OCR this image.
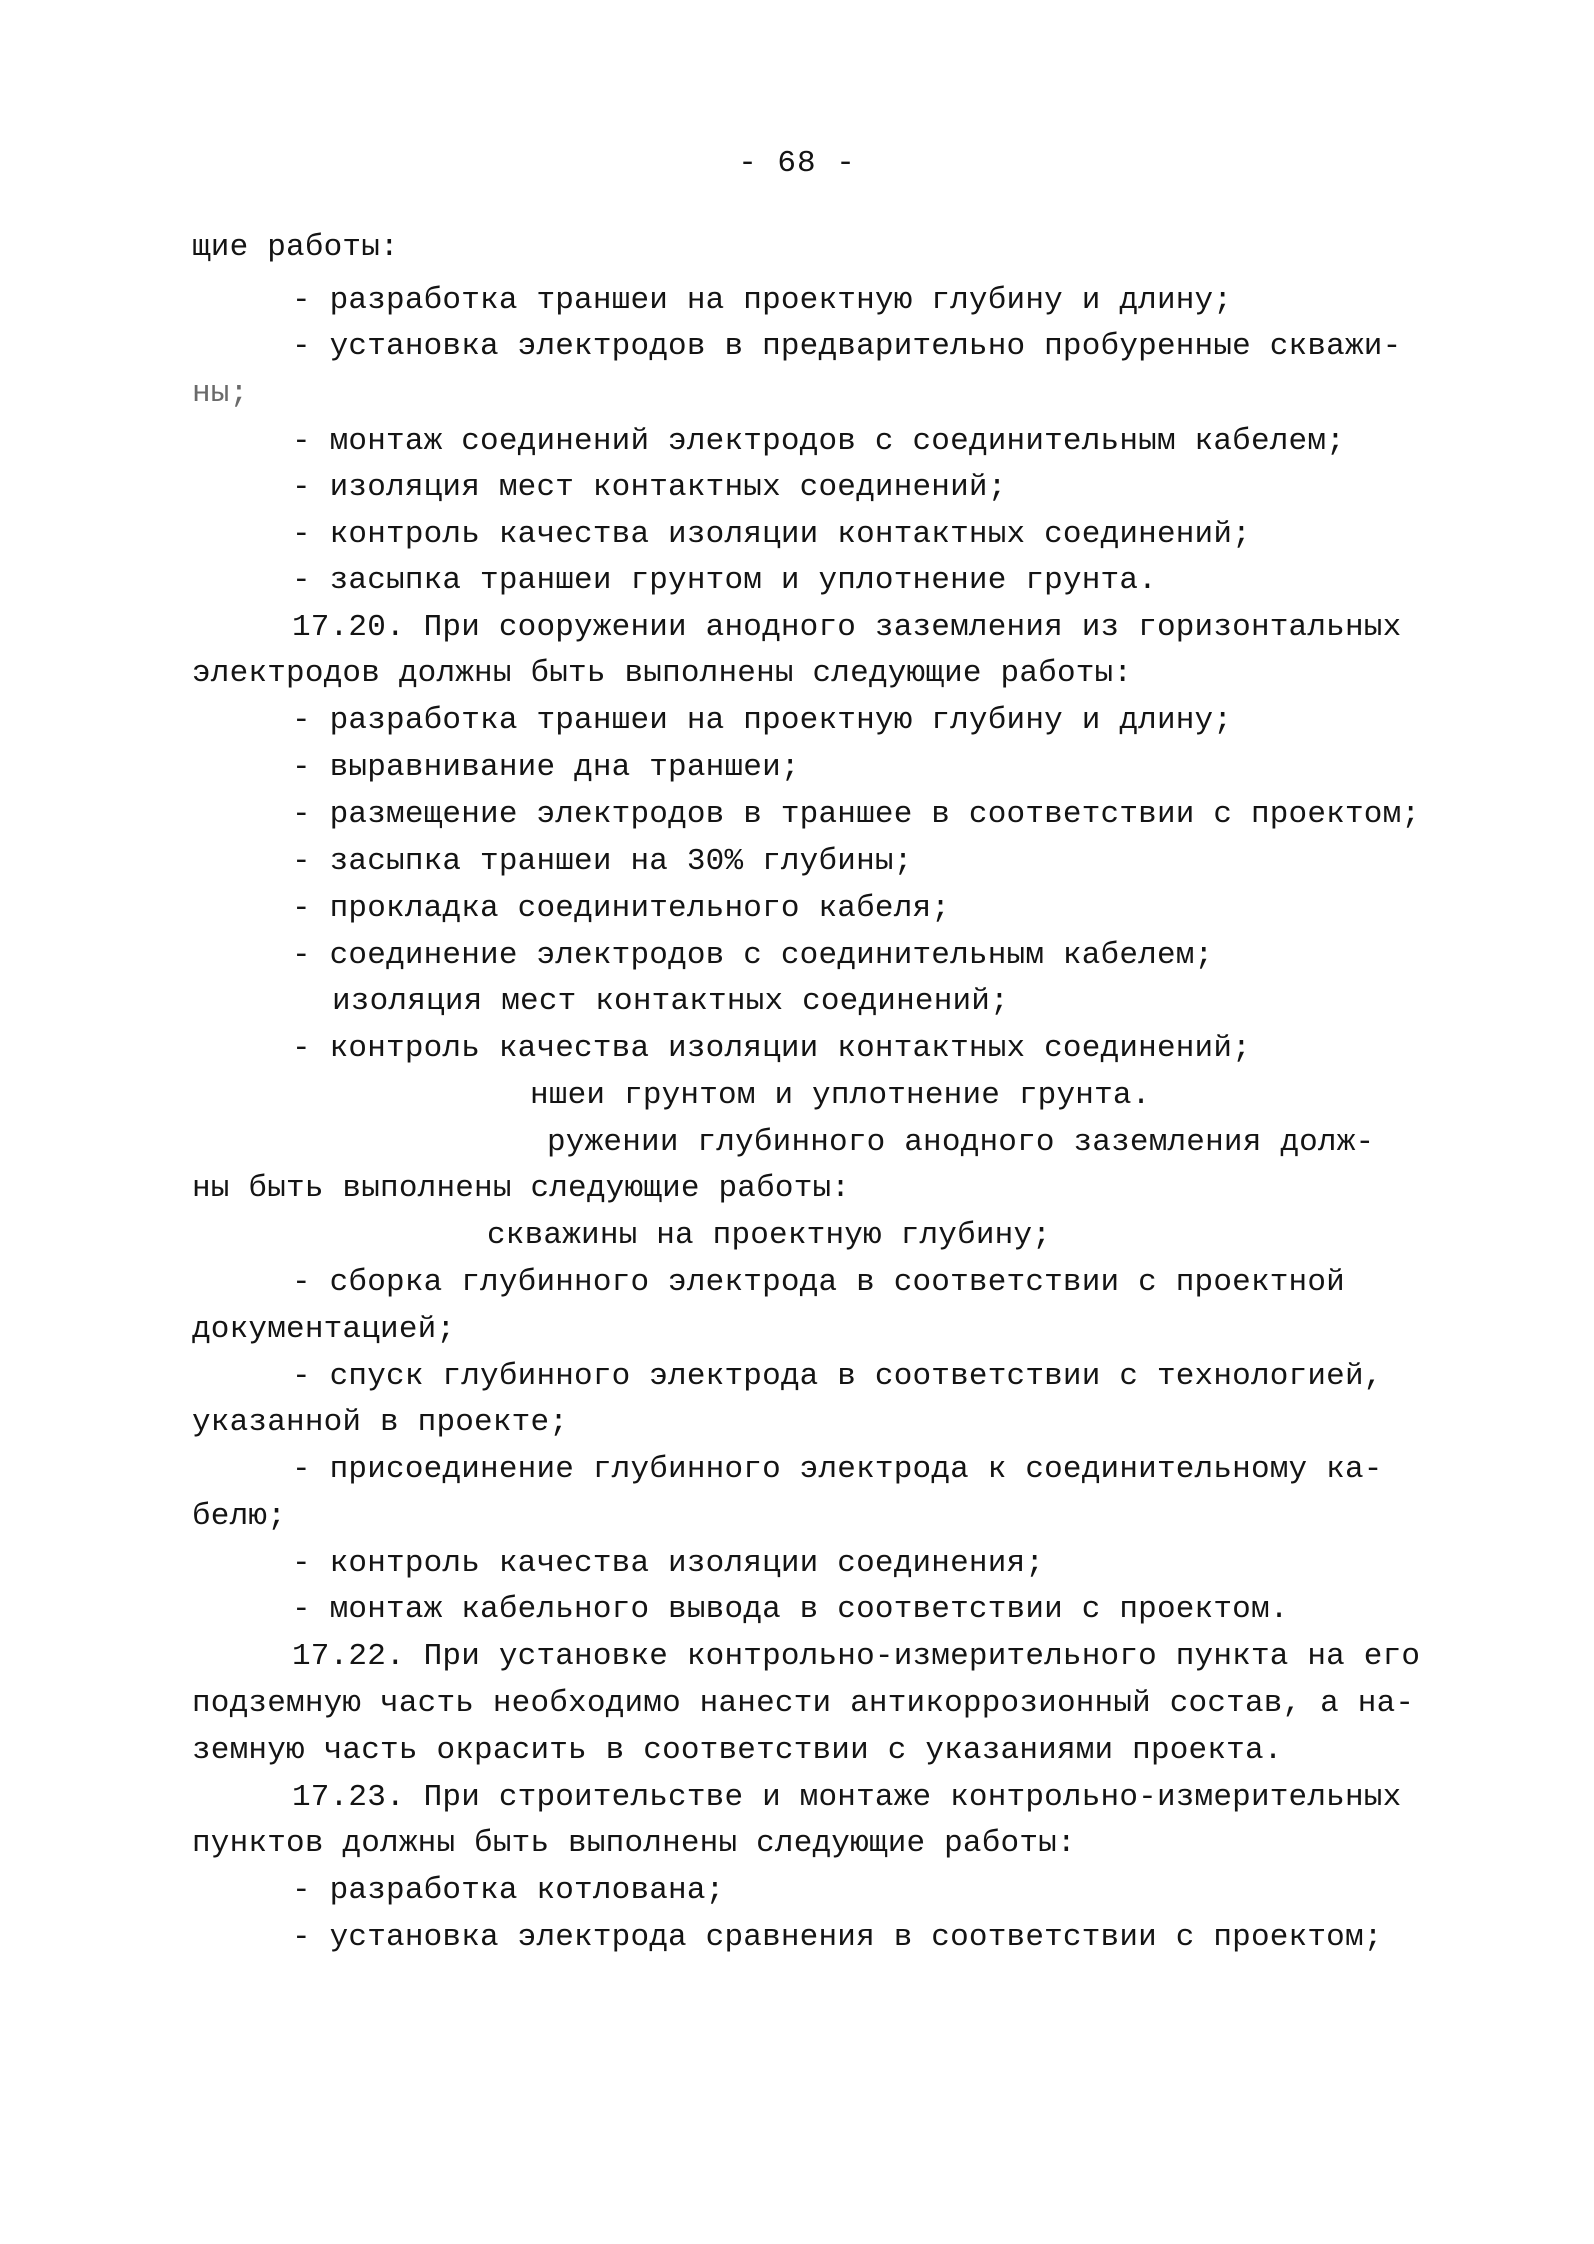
- 68 -
щие работы:
- разработка траншеи на проектную глубину и длину;
- установка электродов в предварительно пробуренные скважи-
ны;
- монтаж соединений электродов с соединительным кабелем;
- изоляция мест контактных соединений;
- контроль качества изоляции контактных соединений;
- засыпка траншеи грунтом и уплотнение грунта.
17.20. При сооружении анодного заземления из горизонтальных
электродов должны быть выполнены следующие работы:
- разработка траншеи на проектную глубину и длину;
- выравнивание дна траншеи;
- размещение электродов в траншее в соответствии с проектом;
- засыпка траншеи на 30% глубины;
- прокладка соединительного кабеля;
- соединение электродов с соединительным кабелем;
изоляция мест контактных соединений;
- контроль качества изоляции контактных соединений;
ншеи грунтом и уплотнение грунта.
ружении глубинного анодного заземления долж-
ны быть выполнены следующие работы:
скважины на проектную глубину;
- сборка глубинного электрода в соответствии с проектной
документацией;
- спуск глубинного электрода в соответствии с технологией,
указанной в проекте;
- присоединение глубинного электрода к соединительному ка-
белю;
- контроль качества изоляции соединения;
- монтаж кабельного вывода в соответствии с проектом.
17.22. При установке контрольно-измерительного пункта на его
подземную часть необходимо нанести антикоррозионный состав, а на-
земную часть окрасить в соответствии с указаниями проекта.
17.23. При строительстве и монтаже контрольно-измерительных
пунктов должны быть выполнены следующие работы:
- разработка котлована;
- установка электрода сравнения в соответствии с проектом;
